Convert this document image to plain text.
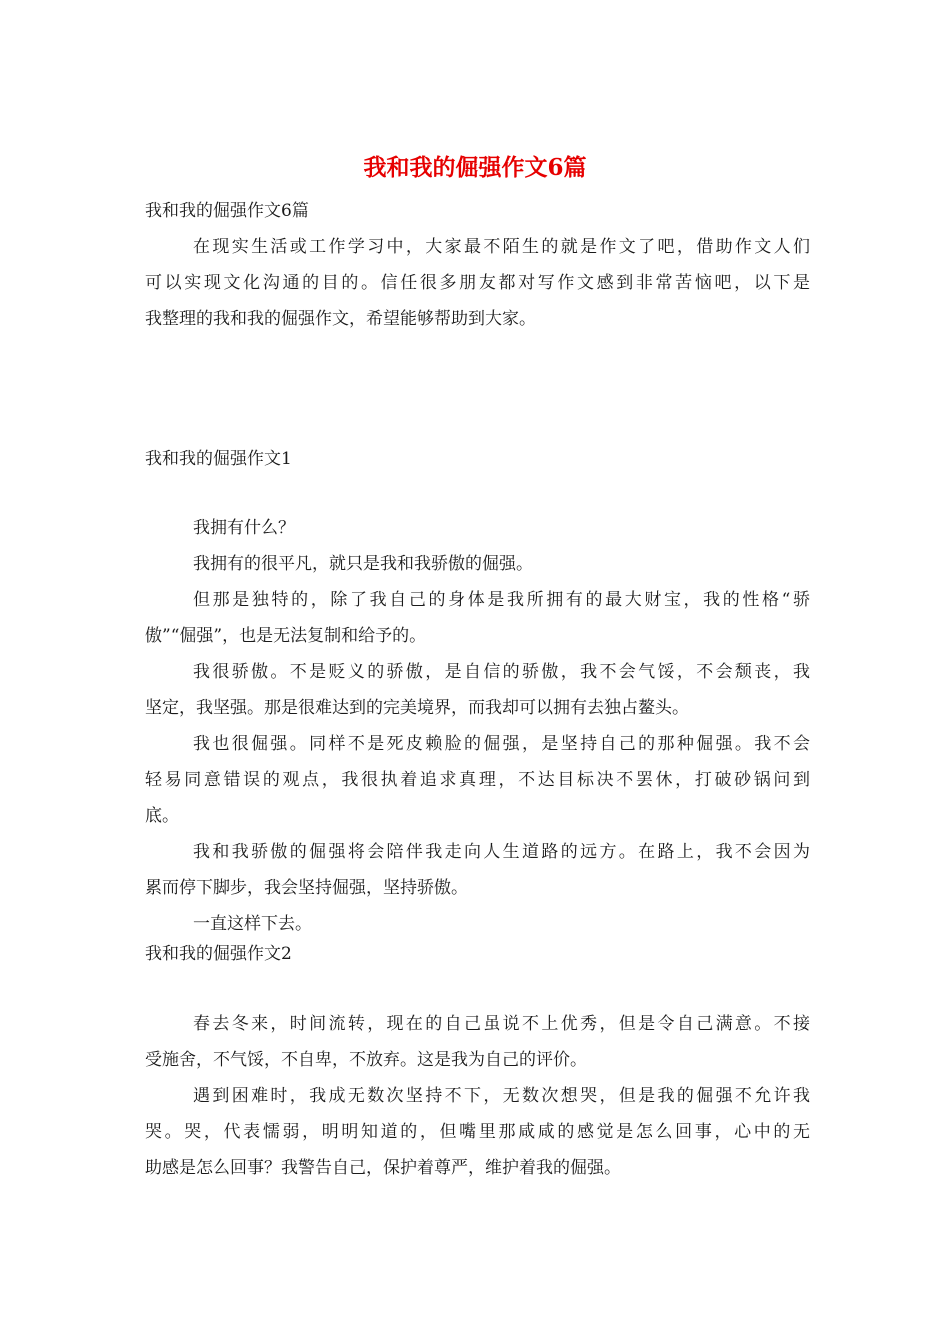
我和我的倔强作文6篇
我和我的倔强作文6篇
在现实生活或工作学习中，大家最不陌生的就是作文了吧，借助作文人们
可以实现文化沟通的目的。信任很多朋友都对写作文感到非常苦恼吧，以下是
我整理的我和我的倔强作文，希望能够帮助到大家。
我和我的倔强作文1
我拥有什么？
我拥有的很平凡，就只是我和我骄傲的倔强。
但那是独特的，除了我自己的身体是我所拥有的最大财宝，我的性格“骄
傲”“倔强”，也是无法复制和给予的。
我很骄傲。不是贬义的骄傲，是自信的骄傲，我不会气馁，不会颓丧，我
坚定，我坚强。那是很难达到的完美境界，而我却可以拥有去独占鳌头。
我也很倔强。同样不是死皮赖脸的倔强，是坚持自己的那种倔强。我不会
轻易同意错误的观点，我很执着追求真理，不达目标决不罢休，打破砂锅问到
底。
我和我骄傲的倔强将会陪伴我走向人生道路的远方。在路上，我不会因为
累而停下脚步，我会坚持倔强，坚持骄傲。
一直这样下去。
我和我的倔强作文2
春去冬来，时间流转，现在的自己虽说不上优秀，但是令自己满意。不接
受施舍，不气馁，不自卑，不放弃。这是我为自己的评价。
遇到困难时，我成无数次坚持不下，无数次想哭，但是我的倔强不允许我
哭。哭，代表懦弱，明明知道的，但嘴里那咸咸的感觉是怎么回事，心中的无
助感是怎么回事？我警告自己，保护着尊严，维护着我的倔强。
